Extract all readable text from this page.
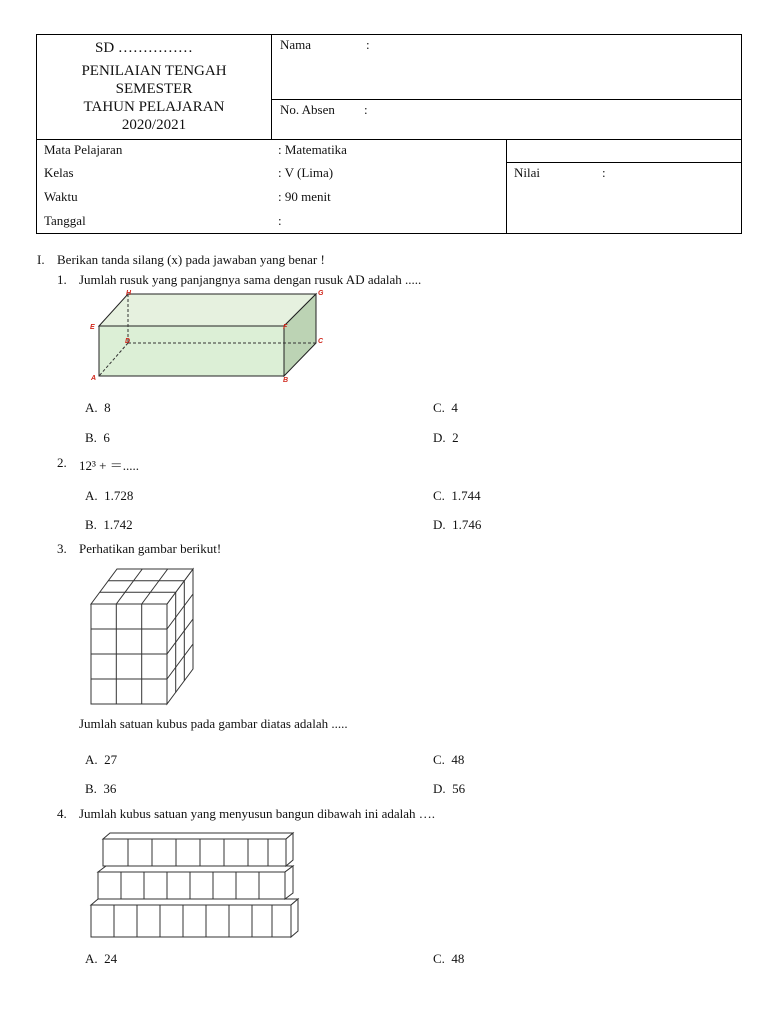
SD ……………
PENILAIAN TENGAH
SEMESTER
TAHUN PELAJARAN
2020/2021
Nama	:
No. Absen :
Mata Pelajaran	: Matematika
Kelas	: V (Lima)
Waktu	: 90 menit
Tanggal	:
Nilai	:
I. Berikan tanda silang (x) pada jawaban yang benar !
1. Jumlah rusuk yang panjangnya sama dengan rusuk AD adalah .....
H	G
E	F
D	C
A	B
A.  8	C.  4
B.  6	D.  2
2. 12³ + ＝.....
A.  1.728	C.  1.744
B.  1.742	D.  1.746
3. Perhatikan gambar berikut!
Jumlah satuan kubus pada gambar diatas adalah .....
A.  27	C.  48
B.  36	D.  56
4. Jumlah kubus satuan yang menyusun bangun dibawah ini adalah ….
A.  24	C.  48
